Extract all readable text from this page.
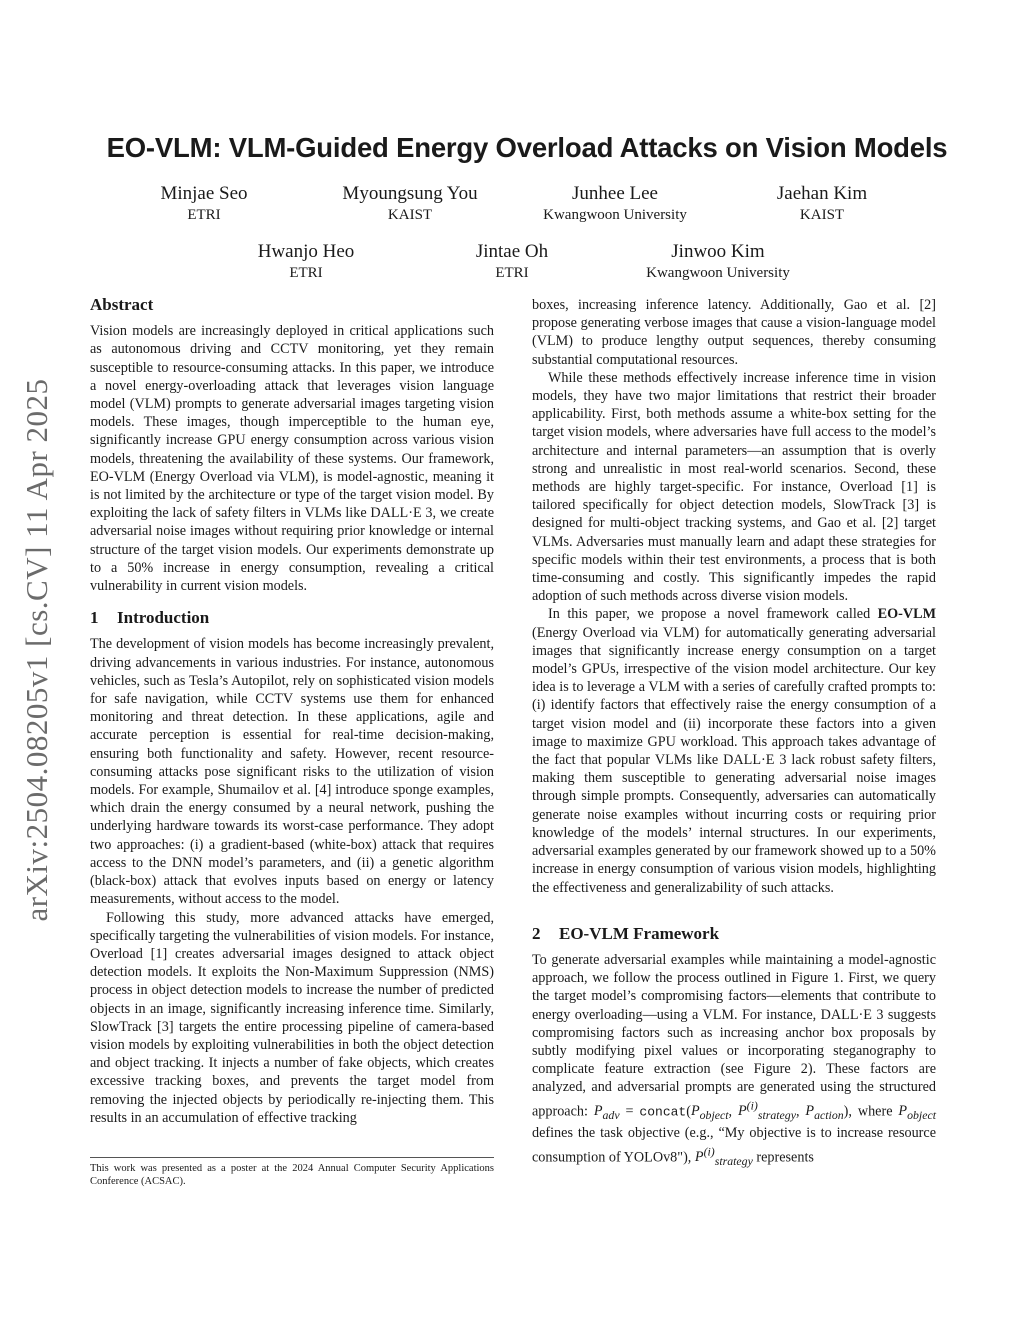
arXiv:2504.08205v1 [cs.CV] 11 Apr 2025
EO-VLM: VLM-Guided Energy Overload Attacks on Vision Models
Minjae Seo
ETRI
Myoungsung You
KAIST
Junhee Lee
Kwangwoon University
Jaehan Kim
KAIST
Hwanjo Heo
ETRI
Jintae Oh
ETRI
Jinwoo Kim
Kwangwoon University
Abstract

Vision models are increasingly deployed in critical applications such as autonomous driving and CCTV monitoring, yet they remain susceptible to resource-consuming attacks. In this paper, we introduce a novel energy-overloading attack that leverages vision language model (VLM) prompts to generate adversarial images targeting vision models. These images, though imperceptible to the human eye, significantly increase GPU energy consumption across various vision models, threatening the availability of these systems. Our framework, EO-VLM (Energy Overload via VLM), is model-agnostic, meaning it is not limited by the architecture or type of the target vision model. By exploiting the lack of safety filters in VLMs like DALL·E 3, we create adversarial noise images without requiring prior knowledge or internal structure of the target vision models. Our experiments demonstrate up to a 50% increase in energy consumption, revealing a critical vulnerability in current vision models.

1 Introduction

The development of vision models has become increasingly prevalent, driving advancements in various industries. For instance, autonomous vehicles, such as Tesla’s Autopilot, rely on sophisticated vision models for safe navigation, while CCTV systems use them for enhanced monitoring and threat detection. In these applications, agile and accurate perception is essential for real-time decision-making, ensuring both functionality and safety. However, recent resource-consuming attacks pose significant risks to the utilization of vision models. For example, Shumailov et al. [4] introduce sponge examples, which drain the energy consumed by a neural network, pushing the underlying hardware towards its worst-case performance. They adopt two approaches: (i) a gradient-based (white-box) attack that requires access to the DNN model’s parameters, and (ii) a genetic algorithm (black-box) attack that evolves inputs based on energy or latency measurements, without access to the model.

Following this study, more advanced attacks have emerged, specifically targeting the vulnerabilities of vision models. For instance, Overload [1] creates adversarial images designed to attack object detection models. It exploits the Non-Maximum Suppression (NMS) process in object detection models to increase the number of predicted objects in an image, significantly increasing inference time. Similarly, SlowTrack [3] targets the entire processing pipeline of camera-based vision models by exploiting vulnerabilities in both the object detection and object tracking. It injects a number of fake objects, which creates excessive tracking boxes, and prevents the target model from removing the injected objects by periodically re-injecting them. This results in an accumulation of effective tracking

boxes, increasing inference latency. Additionally, Gao et al. [2] propose generating verbose images that cause a vision-language model (VLM) to produce lengthy output sequences, thereby consuming substantial computational resources.

While these methods effectively increase inference time in vision models, they have two major limitations that restrict their broader applicability. First, both methods assume a white-box setting for the target vision models, where adversaries have full access to the model’s architecture and internal parameters—an assumption that is overly strong and unrealistic in most real-world scenarios. Second, these methods are highly target-specific. For instance, Overload [1] is tailored specifically for object detection models, SlowTrack [3] is designed for multi-object tracking systems, and Gao et al. [2] target VLMs. Adversaries must manually learn and adapt these strategies for specific models within their test environments, a process that is both time-consuming and costly. This significantly impedes the rapid adoption of such methods across diverse vision models.

In this paper, we propose a novel framework called EO-VLM (Energy Overload via VLM) for automatically generating adversarial images that significantly increase energy consumption on a target model’s GPUs, irrespective of the vision model architecture. Our key idea is to leverage a VLM with a series of carefully crafted prompts to: (i) identify factors that effectively raise the energy consumption of a target vision model and (ii) incorporate these factors into a given image to maximize GPU workload. This approach takes advantage of the fact that popular VLMs like DALL·E 3 lack robust safety filters, making them susceptible to generating adversarial noise images through simple prompts. Consequently, adversaries can automatically generate noise examples without incurring costs or requiring prior knowledge of the models’ internal structures. In our experiments, adversarial examples generated by our framework showed up to a 50% increase in energy consumption of various vision models, highlighting the effectiveness and generalizability of such attacks.

2 EO-VLM Framework

To generate adversarial examples while maintaining a model-agnostic approach, we follow the process outlined in Figure 1. First, we query the target model’s compromising factors—elements that contribute to energy overloading—using a VLM. For instance, DALL·E 3 suggests compromising factors such as increasing anchor box proposals by subtly modifying pixel values or incorporating steganography to complicate feature extraction (see Figure 2). These factors are analyzed, and adversarial prompts are generated using the structured approach: $P_{adv}$ = $concat(P_{object}$, $P^{(i)}_{strategy}$, $P_{action}$), where $P_{object}$ defines the task objective (e.g., “My objective is to increase resource consumption of YOLOv8"), $P^{(i)}_{strategy}$ represents

This work was presented as a poster at the 2024 Annual Computer Security Applications Conference (ACSAC).
